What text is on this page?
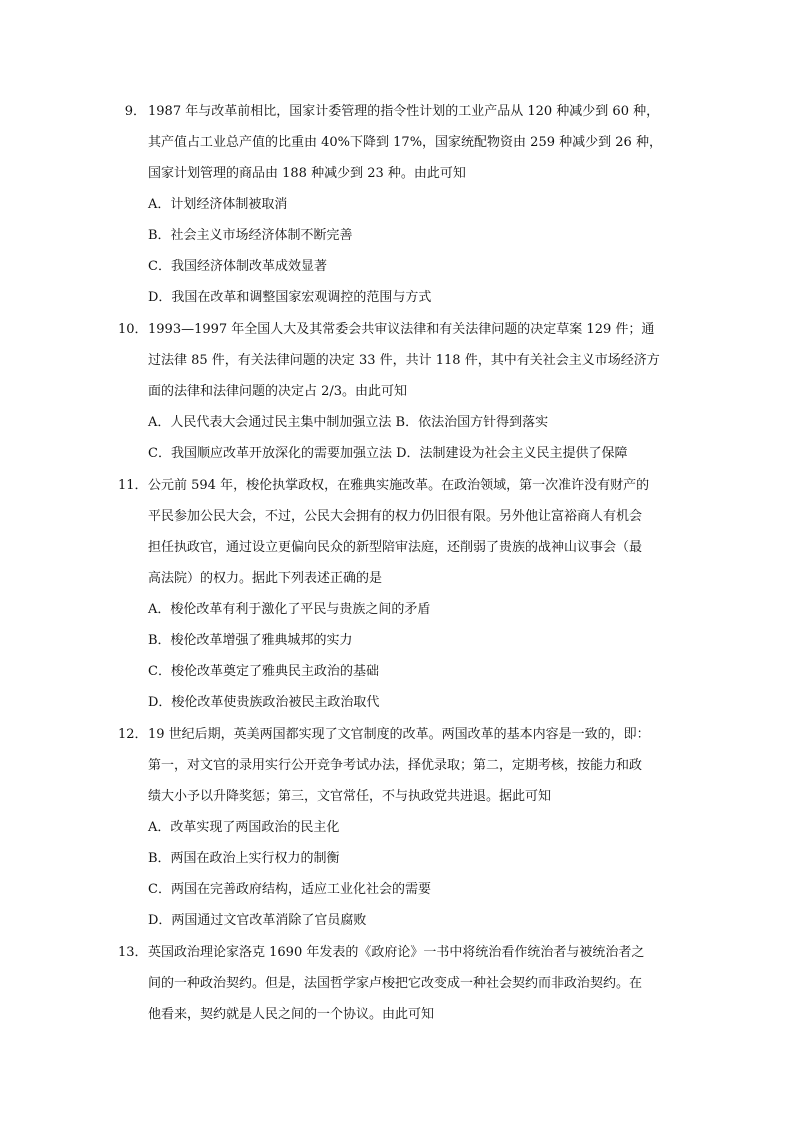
9． 1987 年与改革前相比，国家计委管理的指令性计划的工业产品从 120 种减少到 60 种，
其产值占工业总产值的比重由 40%下降到 17%，国家统配物资由 259 种减少到 26 种，
国家计划管理的商品由 188 种减少到 23 种。由此可知
A．计划经济体制被取消
B．社会主义市场经济体制不断完善
C．我国经济体制改革成效显著
D．我国在改革和调整国家宏观调控的范围与方式
10． 1993—1997 年全国人大及其常委会共审议法律和有关法律问题的决定草案 129 件；通
过法律 85 件，有关法律问题的决定 33 件，共计 118 件，其中有关社会主义市场经济方
面的法律和法律问题的决定占 2/3。由此可知
A．人民代表大会通过民主集中制加强立法 B．依法治国方针得到落实
C．我国顺应改革开放深化的需要加强立法 D．法制建设为社会主义民主提供了保障
11． 公元前 594 年，梭伦执掌政权，在雅典实施改革。在政治领域，第一次准许没有财产的
平民参加公民大会，不过，公民大会拥有的权力仍旧很有限。另外他让富裕商人有机会
担任执政官，通过设立更偏向民众的新型陪审法庭，还削弱了贵族的战神山议事会（最
高法院）的权力。据此下列表述正确的是
A．梭伦改革有利于激化了平民与贵族之间的矛盾
B．梭伦改革增强了雅典城邦的实力
C．梭伦改革奠定了雅典民主政治的基础
D．梭伦改革使贵族政治被民主政治取代
12． 19 世纪后期，英美两国都实现了文官制度的改革。两国改革的基本内容是一致的，即：
第一，对文官的录用实行公开竞争考试办法，择优录取；第二，定期考核，按能力和政
绩大小予以升降奖惩；第三，文官常任，不与执政党共进退。据此可知
A．改革实现了两国政治的民主化
B．两国在政治上实行权力的制衡
C．两国在完善政府结构，适应工业化社会的需要
D．两国通过文官改革消除了官员腐败
13． 英国政治理论家洛克 1690 年发表的《政府论》一书中将统治看作统治者与被统治者之
间的一种政治契约。但是，法国哲学家卢梭把它改变成一种社会契约而非政治契约。在
他看来，契约就是人民之间的一个协议。由此可知
